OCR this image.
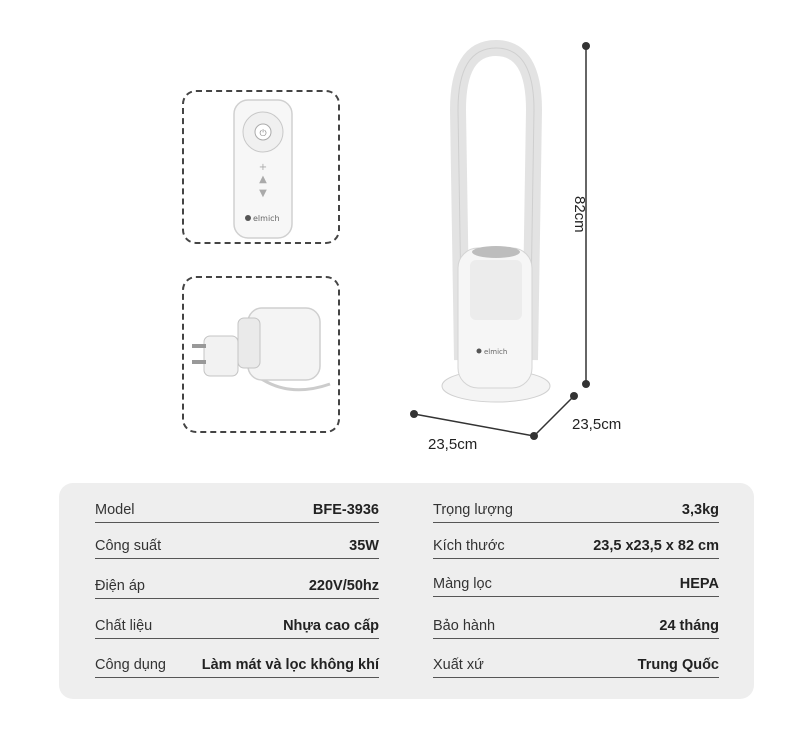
⏻
+
▲
▼
elmich
elmich
82cm
23,5cm
23,5cm
Model	BFE-3936
Công suất	35W
Điện áp	220V/50hz
Chất liệu	Nhựa cao cấp
Công dụng Làm mát và lọc không khí
Trọng lượng	3,3kg
Kích thước	23,5 x23,5 x 82 cm
Màng lọc	HEPA
Bảo hành	24 tháng
Xuất xứ	Trung Quốc
